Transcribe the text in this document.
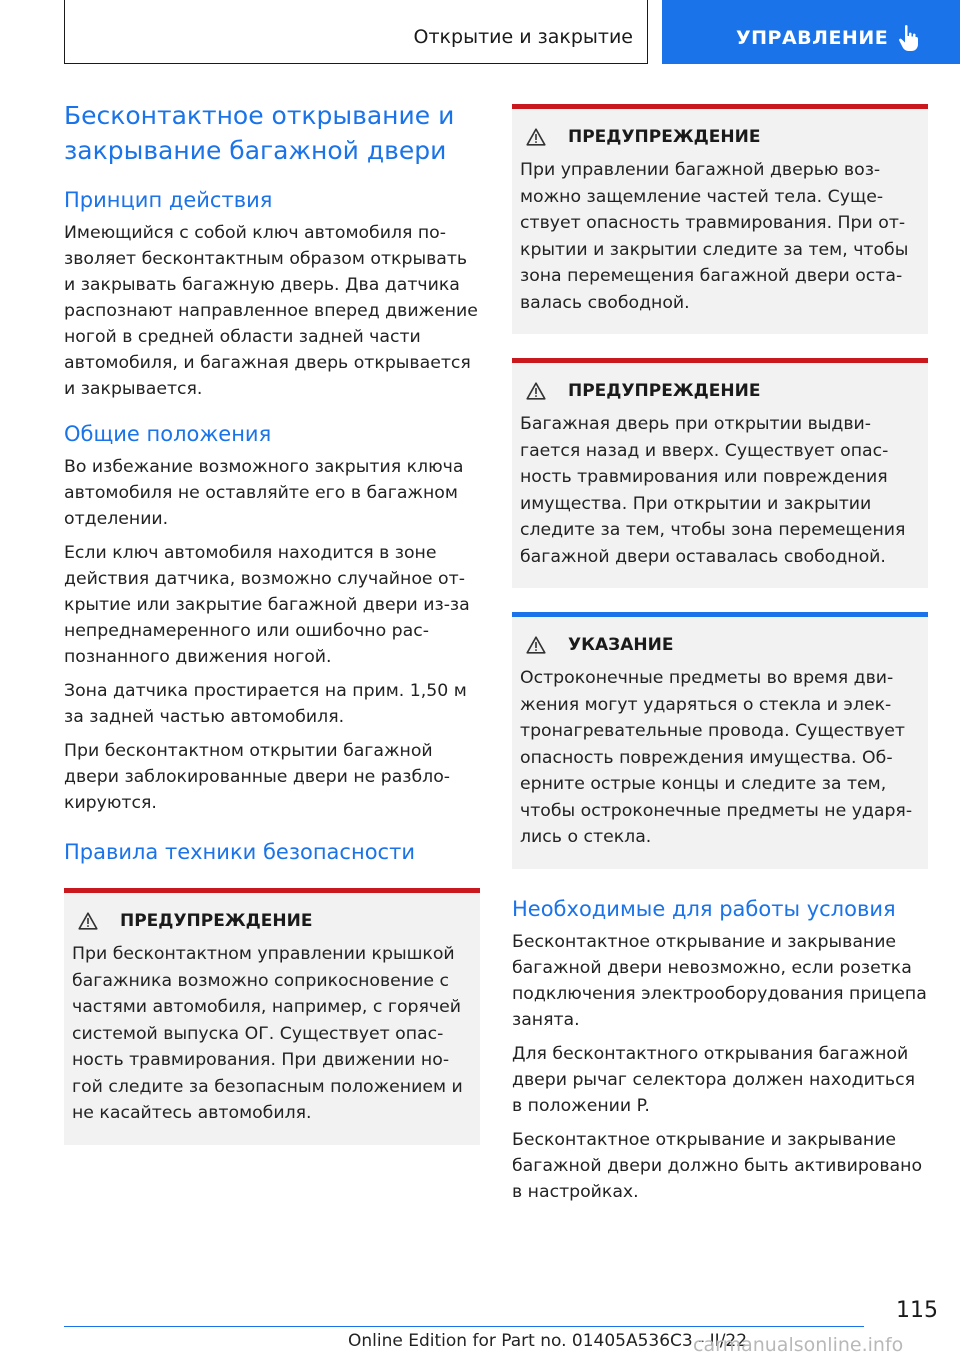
Открытие и закрытие	УПРАВЛЕНИЕ
Бесконтактное открывание и закрывание багажной двери
Принцип действия

Имеющийся с собой ключ автомобиля позволяет бесконтактным образом открывать и закрывать багажную дверь. Два датчика распознают направленное вперед движение ногой в средней области задней части автомобиля, и багажная дверь открывается и закрывается.

Общие положения

Во избежание возможного закрытия ключа автомобиля не оставляйте его в багажном отделении.

Если ключ автомобиля находится в зоне действия датчика, возможно случайное открытие или закрытие багажной двери из-за непреднамеренного или ошибочно распознанного движения ногой.

Зона датчика простирается на прим. 1,50 м за задней частью автомобиля.

При бесконтактном открытии багажной двери заблокированные двери не разблокируются.

Правила техники безопасности
ПРЕДУПРЕЖДЕНИЕ

При бесконтактном управлении крышкой багажника возможно соприкосновение с частями автомобиля, например, с горячей системой выпуска ОГ. Существует опасность травмирования. При движении ногой следите за безопасным положением и не касайтесь автомобиля.

ПРЕДУПРЕЖДЕНИЕ

При управлении багажной дверью возможно защемление частей тела. Существует опасность травмирования. При открытии и закрытии следите за тем, чтобы зона перемещения багажной двери оставалась свободной.

ПРЕДУПРЕЖДЕНИЕ

Багажная дверь при открытии выдвигается назад и вверх. Существует опасность травмирования или повреждения имущества. При открытии и закрытии следите за тем, чтобы зона перемещения багажной двери оставалась свободной.

УКАЗАНИЕ

Остроконечные предметы во время движения могут ударяться о стекла и электронагревательные провода. Существует опасность повреждения имущества. Оберните острые концы и следите за тем, чтобы остроконечные предметы не ударялись о стекла.

Необходимые для работы условия

Бесконтактное открывание и закрывание багажной двери невозможно, если розетка подключения электрооборудования прицепа занята.

Для бесконтактного открывания багажной двери рычаг селектора должен находиться в положении P.

Бесконтактное открывание и закрывание багажной двери должно быть активировано в настройках.

115
Online Edition for Part no. 01405A536C3 - II/22
carmanualsonline.info
